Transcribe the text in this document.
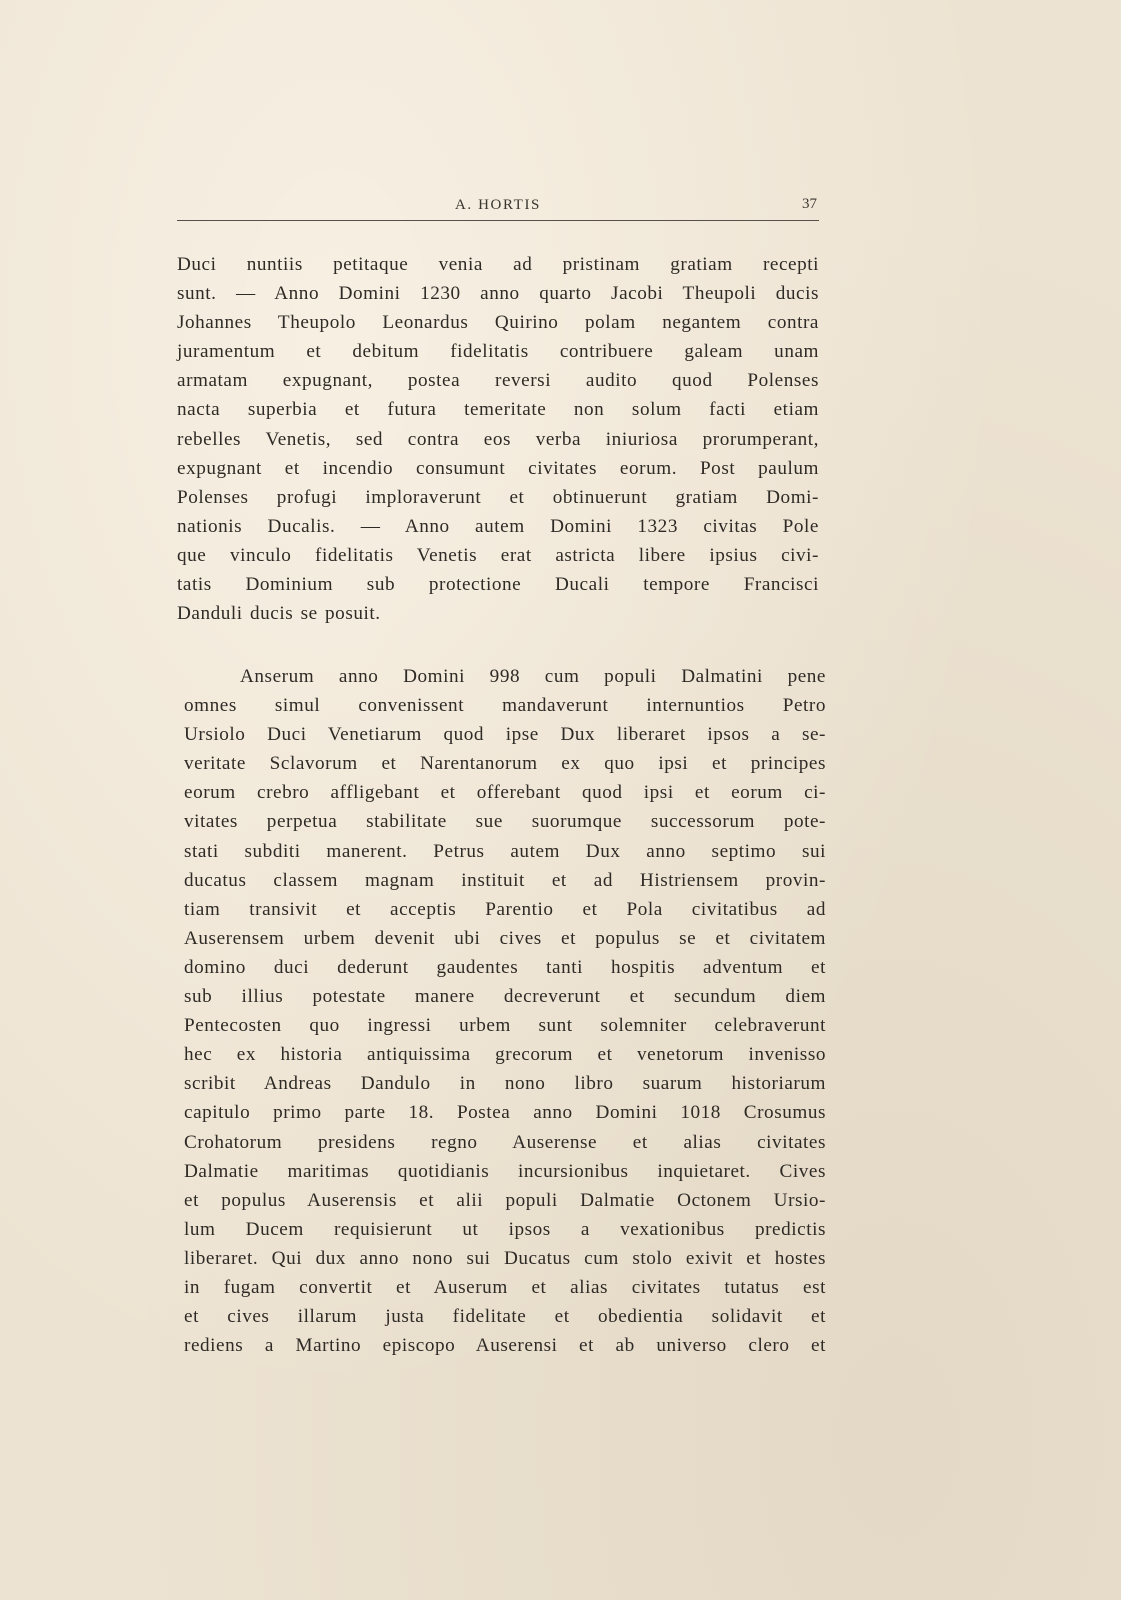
A. HORTIS	37
Duci nuntiis petitaque venia ad pristinam gratiam recepti
sunt. — Anno Domini 1230 anno quarto Jacobi Theupoli ducis
Johannes Theupolo Leonardus Quirino polam negantem contra
juramentum et debitum fidelitatis contribuere galeam unam
armatam expugnant, postea reversi audito quod Polenses
nacta superbia et futura temeritate non solum facti etiam
rebelles Venetis, sed contra eos verba iniuriosa prorumperant,
expugnant et incendio consumunt civitates eorum. Post paulum
Polenses profugi imploraverunt et obtinuerunt gratiam Domi-
nationis Ducalis. — Anno autem Domini 1323 civitas Pole
que vinculo fidelitatis Venetis erat astricta libere ipsius civi-
tatis Dominium sub protectione Ducali tempore Francisci
Danduli ducis se posuit.
Anserum anno Domini 998 cum populi Dalmatini pene
omnes simul convenissent mandaverunt internuntios Petro
Ursiolo Duci Venetiarum quod ipse Dux liberaret ipsos a se-
veritate Sclavorum et Narentanorum ex quo ipsi et principes
eorum crebro affligebant et offerebant quod ipsi et eorum ci-
vitates perpetua stabilitate sue suorumque successorum pote-
stati subditi manerent. Petrus autem Dux anno septimo sui
ducatus classem magnam instituit et ad Histriensem provin-
tiam transivit et acceptis Parentio et Pola civitatibus ad
Auserensem urbem devenit ubi cives et populus se et civitatem
domino duci dederunt gaudentes tanti hospitis adventum et
sub illius potestate manere decreverunt et secundum diem
Pentecosten quo ingressi urbem sunt solemniter celebraverunt
hec ex historia antiquissima grecorum et venetorum invenisso
scribit Andreas Dandulo in nono libro suarum historiarum
capitulo primo parte 18. Postea anno Domini 1018 Crosumus
Crohatorum presidens regno Auserense et alias civitates
Dalmatie maritimas quotidianis incursionibus inquietaret. Cives
et populus Auserensis et alii populi Dalmatie Octonem Ursio-
lum Ducem requisierunt ut ipsos a vexationibus predictis
liberaret. Qui dux anno nono sui Ducatus cum stolo exivit et hostes
in fugam convertit et Auserum et alias civitates tutatus est
et cives illarum justa fidelitate et obedientia solidavit et
rediens a Martino episcopo Auserensi et ab universo clero et
